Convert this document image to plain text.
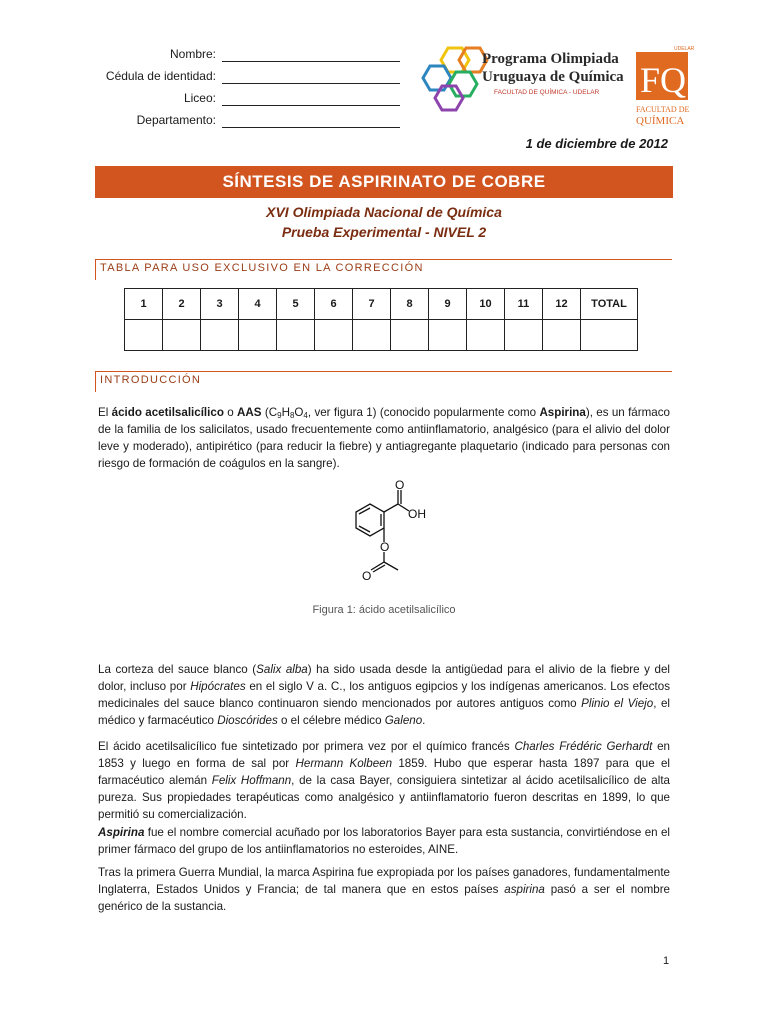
Nombre:
Cédula de identidad:
Liceo:
Departamento:
Programa Olimpiada
Uruguaya de Química
FACULTAD DE QUÍMICA - UDELAR
UDELAR
FQ
FACULTAD DE
QUÍMICA
1 de diciembre de 2012
SÍNTESIS DE ASPIRINATO DE COBRE
XVI Olimpiada Nacional de Química
Prueba Experimental - NIVEL 2
TABLA PARA USO EXCLUSIVO EN LA CORRECCIÓN
1	2	3	4	5	6	7	8	9	10	11	12	TOTAL

INTRODUCCIÓN
El ácido acetilsalicílico o AAS ($C_9H_8O_4$, ver figura 1) (conocido popularmente como Aspirina), es un fármaco de la familia de los salicilatos, usado frecuentemente como antiinflamatorio, analgésico (para el alivio del dolor leve y moderado), antipirético (para reducir la fiebre) y antiagregante plaquetario (indicado para personas con riesgo de formación de coágulos en la sangre).
O
OH
O
O
Figura 1: ácido acetilsalicílico
La corteza del sauce blanco (Salix alba) ha sido usada desde la antigüedad para el alivio de la fiebre y del dolor, incluso por Hipócrates en el siglo V a. C., los antiguos egipcios y los indígenas americanos. Los efectos medicinales del sauce blanco continuaron siendo mencionados por autores antiguos como Plinio el Viejo, el médico y farmacéutico Dioscórides o el célebre médico Galeno.
El ácido acetilsalicílico fue sintetizado por primera vez por el químico francés Charles Frédéric Gerhardt en 1853 y luego en forma de sal por Hermann Kolbeen 1859. Hubo que esperar hasta 1897 para que el farmacéutico alemán Felix Hoffmann, de la casa Bayer, consiguiera sintetizar al ácido acetilsalicílico de alta pureza. Sus propiedades terapéuticas como analgésico y antiinflamatorio fueron descritas en 1899, lo que permitió su comercialización.
Aspirina fue el nombre comercial acuñado por los laboratorios Bayer para esta sustancia, convirtiéndose en el primer fármaco del grupo de los antiinflamatorios no esteroides, AINE.
Tras la primera Guerra Mundial, la marca Aspirina fue expropiada por los países ganadores, fundamentalmente Inglaterra, Estados Unidos y Francia; de tal manera que en estos países aspirina pasó a ser el nombre genérico de la sustancia.
1
